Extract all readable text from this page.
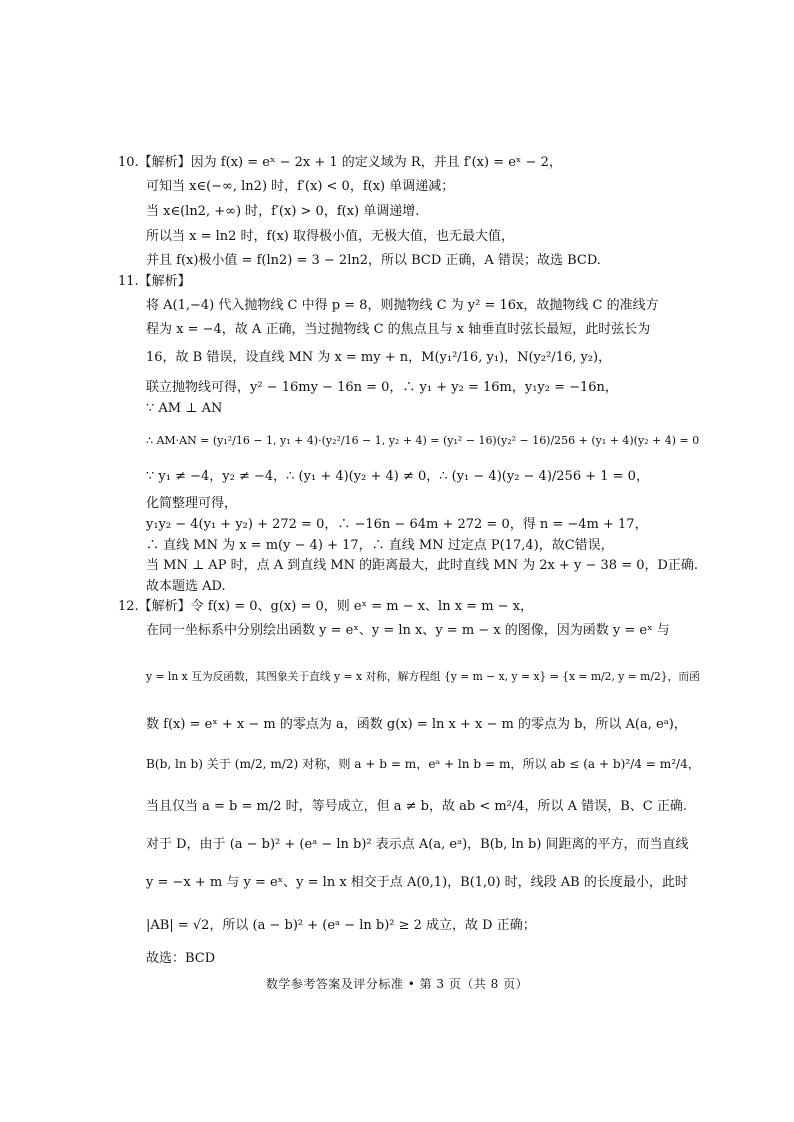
10.【解析】因为 f(x) = eˣ − 2x + 1 的定义域为 R，并且 f′(x) = eˣ − 2，
可知当 x∈(−∞, ln2) 时，f′(x) < 0，f(x) 单调递减；
当 x∈(ln2, +∞) 时，f′(x) > 0，f(x) 单调递增.
所以当 x = ln2 时，f(x) 取得极小值，无极大值，也无最大值，
并且 f(x)极小值 = f(ln2) = 3 − 2ln2，所以 BCD 正确，A 错误；故选 BCD.
11.【解析】
将 A(1,−4) 代入抛物线 C 中得 p = 8，则抛物线 C 为 y² = 16x，故抛物线 C 的准线方
程为 x = −4，故 A 正确，当过抛物线 C 的焦点且与 x 轴垂直时弦长最短，此时弦长为
16，故 B 错误，设直线 MN 为 x = my + n，M(y₁²/16, y₁)，N(y₂²/16, y₂)，
联立抛物线可得，y² − 16my − 16n = 0，∴ y₁ + y₂ = 16m，y₁y₂ = −16n，
∵ AM ⊥ AN
∴ AM·AN = (y₁²/16 − 1, y₁ + 4)·(y₂²/16 − 1, y₂ + 4) = (y₁² − 16)(y₂² − 16)/256 + (y₁ + 4)(y₂ + 4) = 0
∵ y₁ ≠ −4，y₂ ≠ −4，∴ (y₁ + 4)(y₂ + 4) ≠ 0，∴ (y₁ − 4)(y₂ − 4)/256 + 1 = 0，
化简整理可得，
y₁y₂ − 4(y₁ + y₂) + 272 = 0，∴ −16n − 64m + 272 = 0，得 n = −4m + 17，
∴ 直线 MN 为 x = m(y − 4) + 17，∴ 直线 MN 过定点 P(17,4)，故C错误，
当 MN ⊥ AP 时，点 A 到直线 MN 的距离最大，此时直线 MN 为 2x + y − 38 = 0，D正确.
故本题选 AD.
12.【解析】令 f(x) = 0、g(x) = 0，则 eˣ = m − x、ln x = m − x，
在同一坐标系中分别绘出函数 y = eˣ、y = ln x、y = m − x 的图像，因为函数 y = eˣ 与
y = ln x 互为反函数，其图象关于直线 y = x 对称，解方程组 {y = m − x, y = x} ⇒ {x = m/2, y = m/2}，而函
数 f(x) = eˣ + x − m 的零点为 a，函数 g(x) = ln x + x − m 的零点为 b，所以 A(a, eᵃ)，
B(b, ln b) 关于 (m/2, m/2) 对称，则 a + b = m，eᵃ + ln b = m，所以 ab ≤ (a + b)²/4 = m²/4，
当且仅当 a = b = m/2 时，等号成立，但 a ≠ b，故 ab < m²/4，所以 A 错误，B、C 正确.
对于 D，由于 (a − b)² + (eᵃ − ln b)² 表示点 A(a, eᵃ)，B(b, ln b) 间距离的平方，而当直线
y = −x + m 与 y = eˣ、y = ln x 相交于点 A(0,1)，B(1,0) 时，线段 AB 的长度最小，此时
|AB| = √2，所以 (a − b)² + (eᵃ − ln b)² ≥ 2 成立，故 D 正确；
故选：BCD
数学参考答案及评分标准 • 第 3 页（共 8 页）
